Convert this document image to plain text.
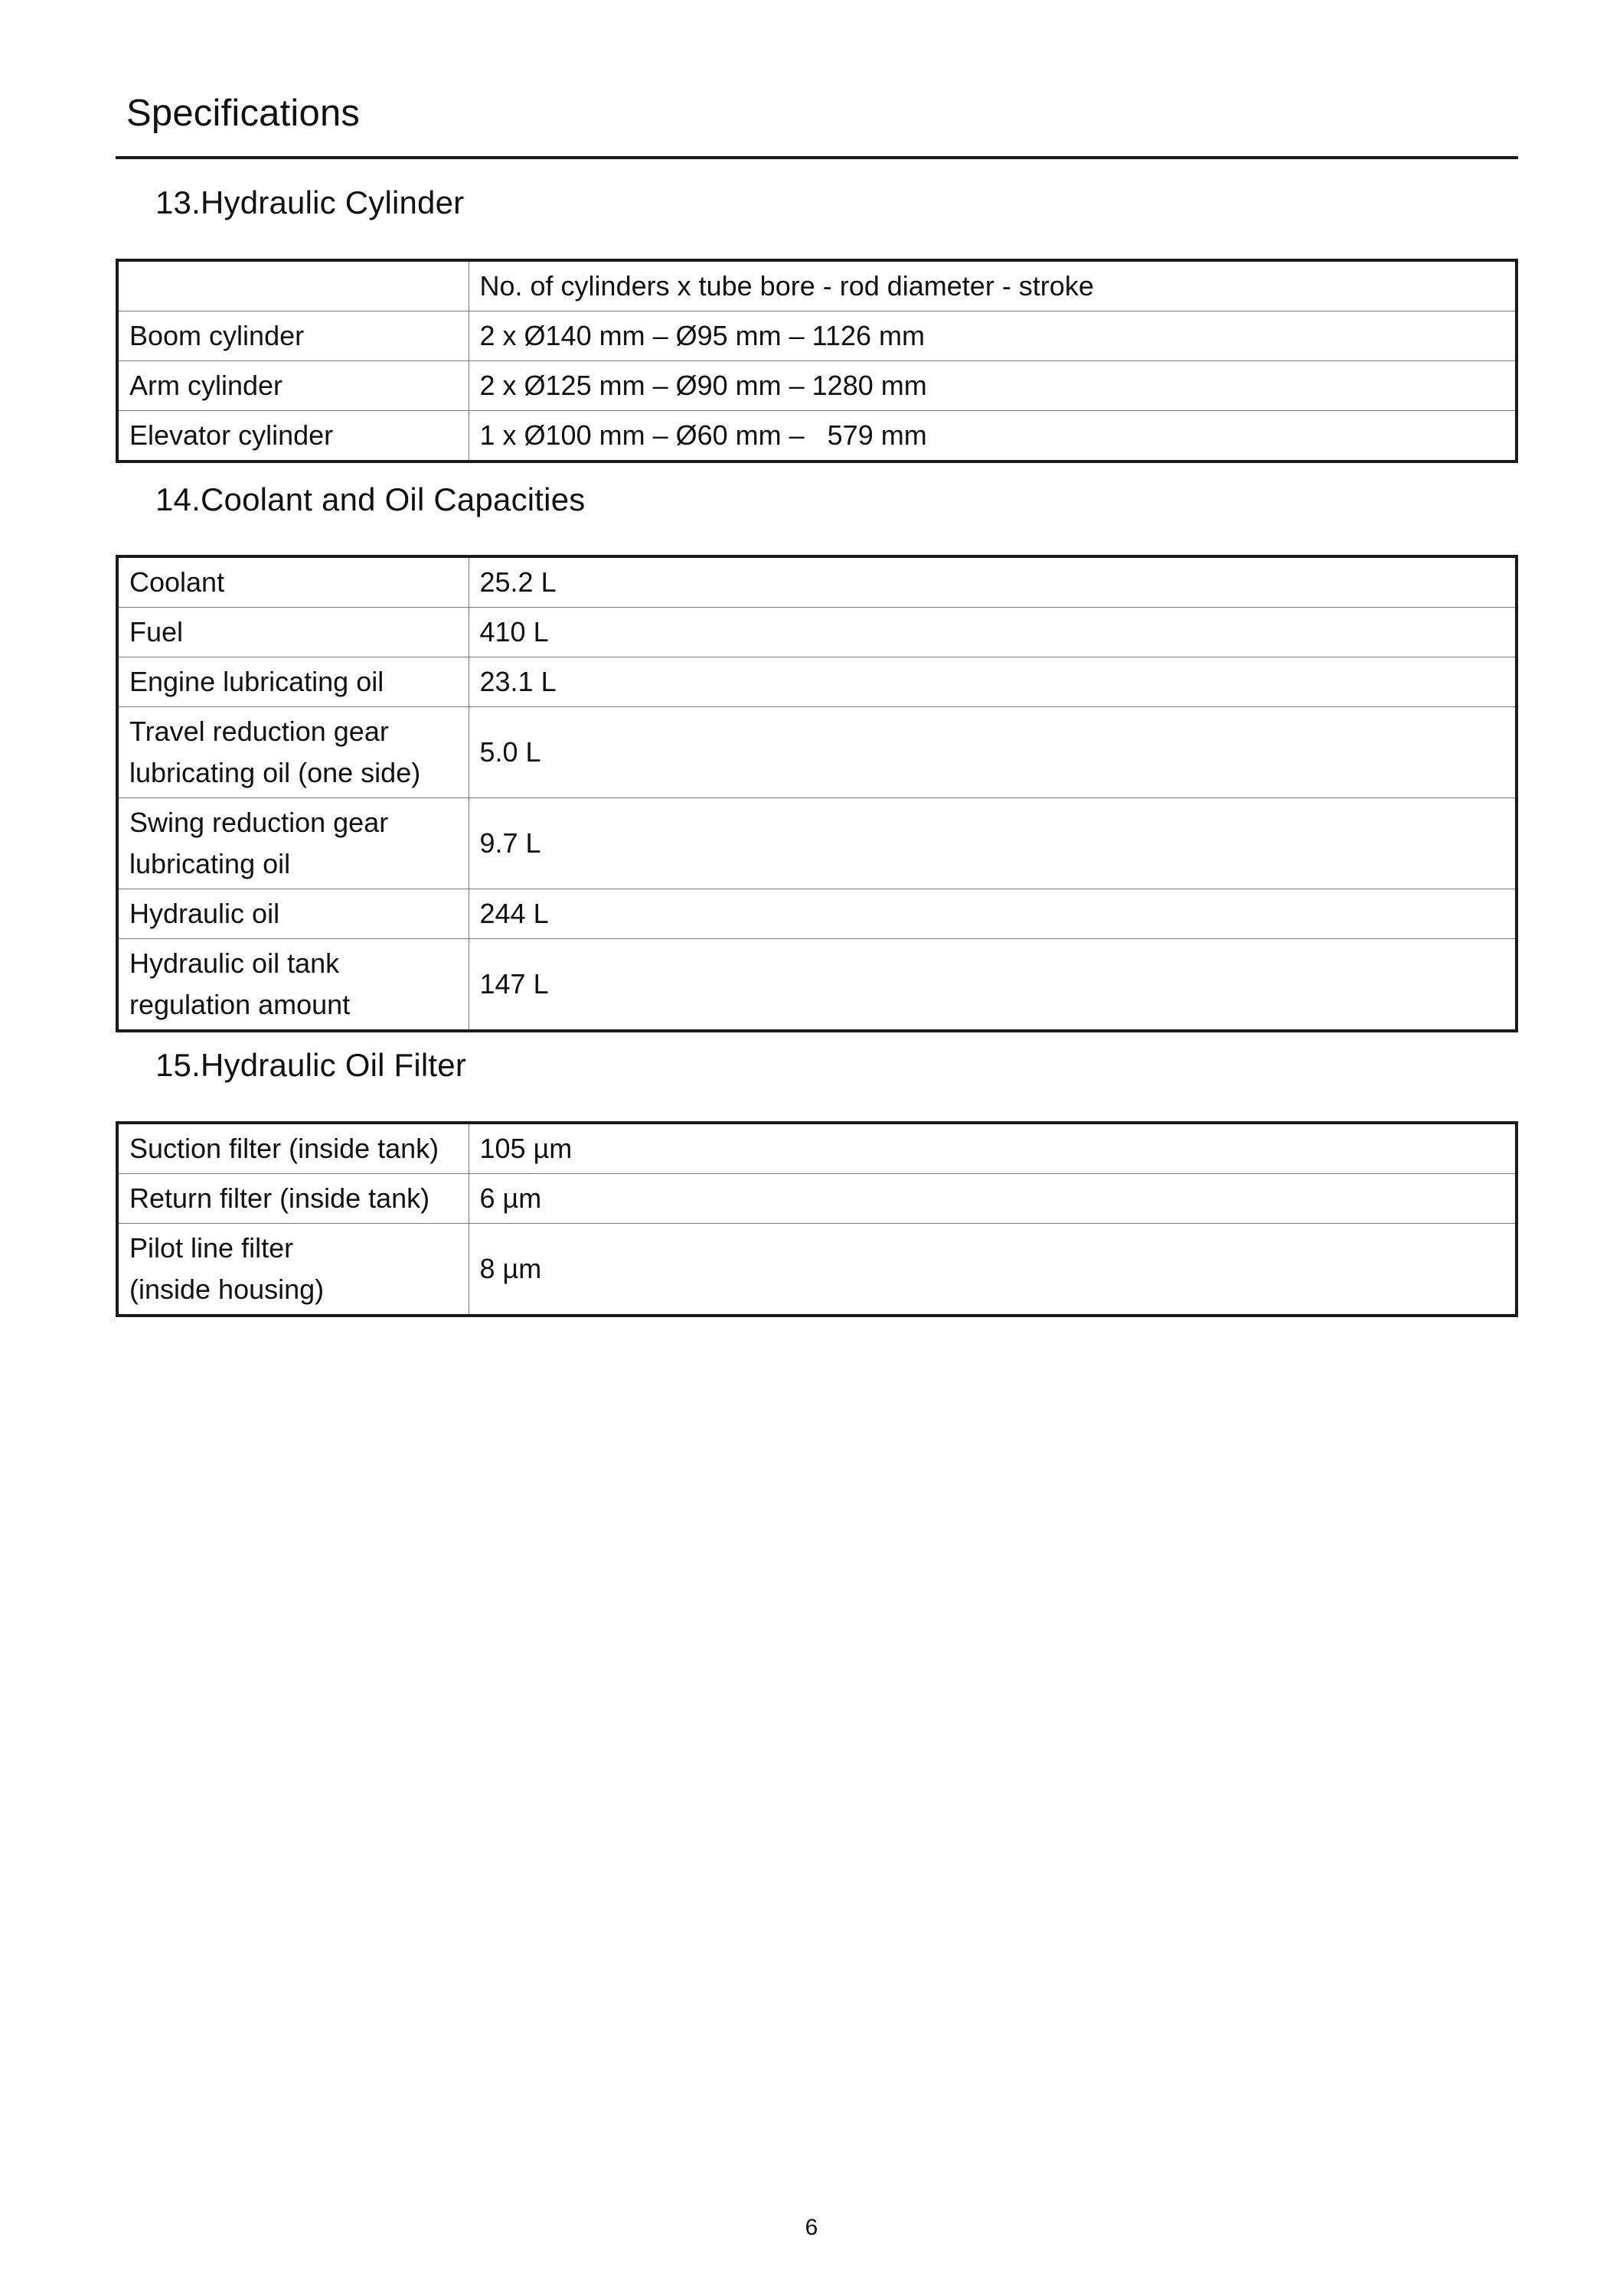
Specifications
13.Hydraulic Cylinder
	No. of cylinders x tube bore - rod diameter - stroke
Boom cylinder	2 x Ø140 mm – Ø95 mm – 1126 mm
Arm cylinder	2 x Ø125 mm – Ø90 mm – 1280 mm
Elevator cylinder	1 x Ø100 mm – Ø60 mm –   579 mm
14.Coolant and Oil Capacities
Coolant	25.2 L
Fuel	410 L
Engine lubricating oil	23.1 L
Travel reduction gear
lubricating oil (one side)	5.0 L
Swing reduction gear
lubricating oil	9.7 L
Hydraulic oil	244 L
Hydraulic oil tank
regulation amount	147 L
15.Hydraulic Oil Filter
Suction filter (inside tank)	105 µm
Return filter (inside tank)	6 µm
Pilot line filter
(inside housing)	8 µm
6
